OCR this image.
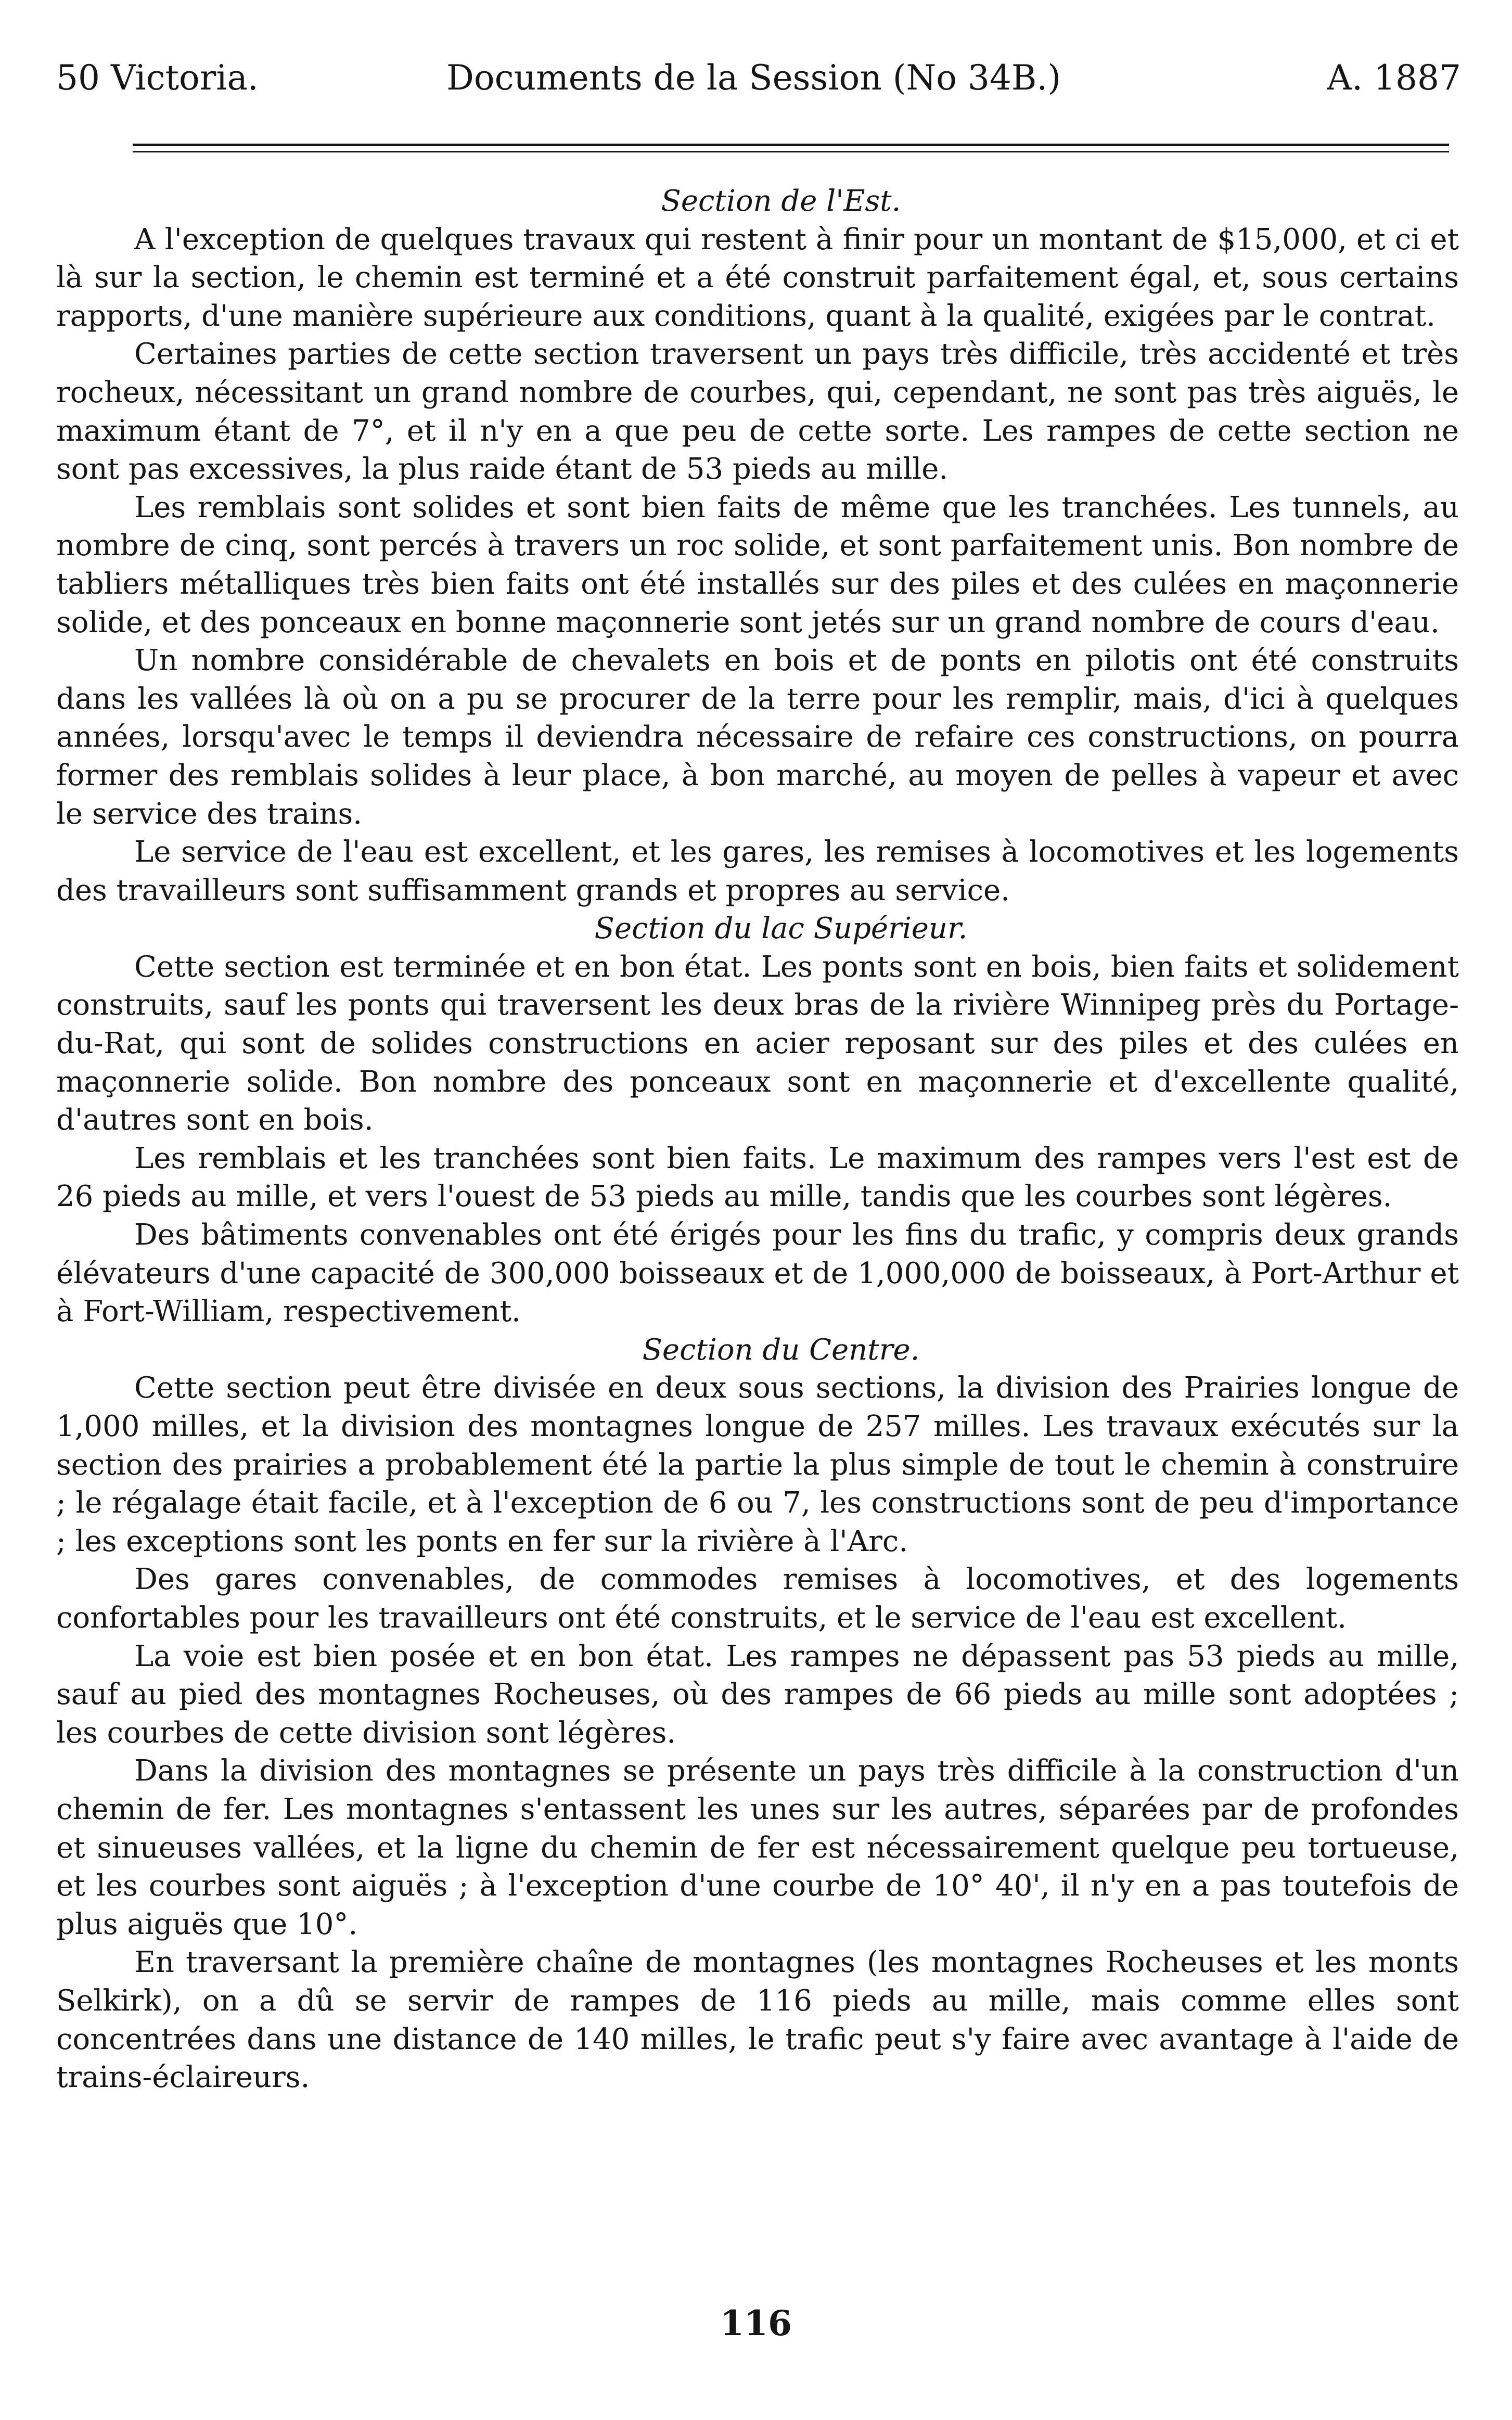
50 Victoria.	Documents de la Session (No 34B.)	A. 1887
Section de l'Est.

A l'exception de quelques travaux qui restent à finir pour un montant de $15,000, et ci et là sur la section, le chemin est terminé et a été construit parfaitement égal, et, sous certains rapports, d'une manière supérieure aux conditions, quant à la qualité, exigées par le contrat.

Certaines parties de cette section traversent un pays très difficile, très accidenté et très rocheux, nécessitant un grand nombre de courbes, qui, cependant, ne sont pas très aiguës, le maximum étant de 7°, et il n'y en a que peu de cette sorte. Les rampes de cette section ne sont pas excessives, la plus raide étant de 53 pieds au mille.

Les remblais sont solides et sont bien faits de même que les tranchées. Les tunnels, au nombre de cinq, sont percés à travers un roc solide, et sont parfaitement unis. Bon nombre de tabliers métalliques très bien faits ont été installés sur des piles et des culées en maçonnerie solide, et des ponceaux en bonne maçonnerie sont jetés sur un grand nombre de cours d'eau.

Un nombre considérable de chevalets en bois et de ponts en pilotis ont été construits dans les vallées là où on a pu se procurer de la terre pour les remplir, mais, d'ici à quelques années, lorsqu'avec le temps il deviendra nécessaire de refaire ces constructions, on pourra former des remblais solides à leur place, à bon marché, au moyen de pelles à vapeur et avec le service des trains.

Le service de l'eau est excellent, et les gares, les remises à locomotives et les logements des travailleurs sont suffisamment grands et propres au service.

Section du lac Supérieur.

Cette section est terminée et en bon état. Les ponts sont en bois, bien faits et solidement construits, sauf les ponts qui traversent les deux bras de la rivière Winnipeg près du Portage-du-Rat, qui sont de solides constructions en acier reposant sur des piles et des culées en maçonnerie solide. Bon nombre des ponceaux sont en maçonnerie et d'excellente qualité, d'autres sont en bois.

Les remblais et les tranchées sont bien faits. Le maximum des rampes vers l'est est de 26 pieds au mille, et vers l'ouest de 53 pieds au mille, tandis que les courbes sont légères.

Des bâtiments convenables ont été érigés pour les fins du trafic, y compris deux grands élévateurs d'une capacité de 300,000 boisseaux et de 1,000,000 de boisseaux, à Port-Arthur et à Fort-William, respectivement.

Section du Centre.

Cette section peut être divisée en deux sous sections, la division des Prairies longue de 1,000 milles, et la division des montagnes longue de 257 milles. Les travaux exécutés sur la section des prairies a probablement été la partie la plus simple de tout le chemin à construire ; le régalage était facile, et à l'exception de 6 ou 7, les constructions sont de peu d'importance ; les exceptions sont les ponts en fer sur la rivière à l'Arc.

Des gares convenables, de commodes remises à locomotives, et des logements confortables pour les travailleurs ont été construits, et le service de l'eau est excellent.

La voie est bien posée et en bon état. Les rampes ne dépassent pas 53 pieds au mille, sauf au pied des montagnes Rocheuses, où des rampes de 66 pieds au mille sont adoptées ; les courbes de cette division sont légères.

Dans la division des montagnes se présente un pays très difficile à la construction d'un chemin de fer. Les montagnes s'entassent les unes sur les autres, séparées par de profondes et sinueuses vallées, et la ligne du chemin de fer est nécessairement quelque peu tortueuse, et les courbes sont aiguës ; à l'exception d'une courbe de 10° 40', il n'y en a pas toutefois de plus aiguës que 10°.

En traversant la première chaîne de montagnes (les montagnes Rocheuses et les monts Selkirk), on a dû se servir de rampes de 116 pieds au mille, mais comme elles sont concentrées dans une distance de 140 milles, le trafic peut s'y faire avec avantage à l'aide de trains-éclaireurs.

116
